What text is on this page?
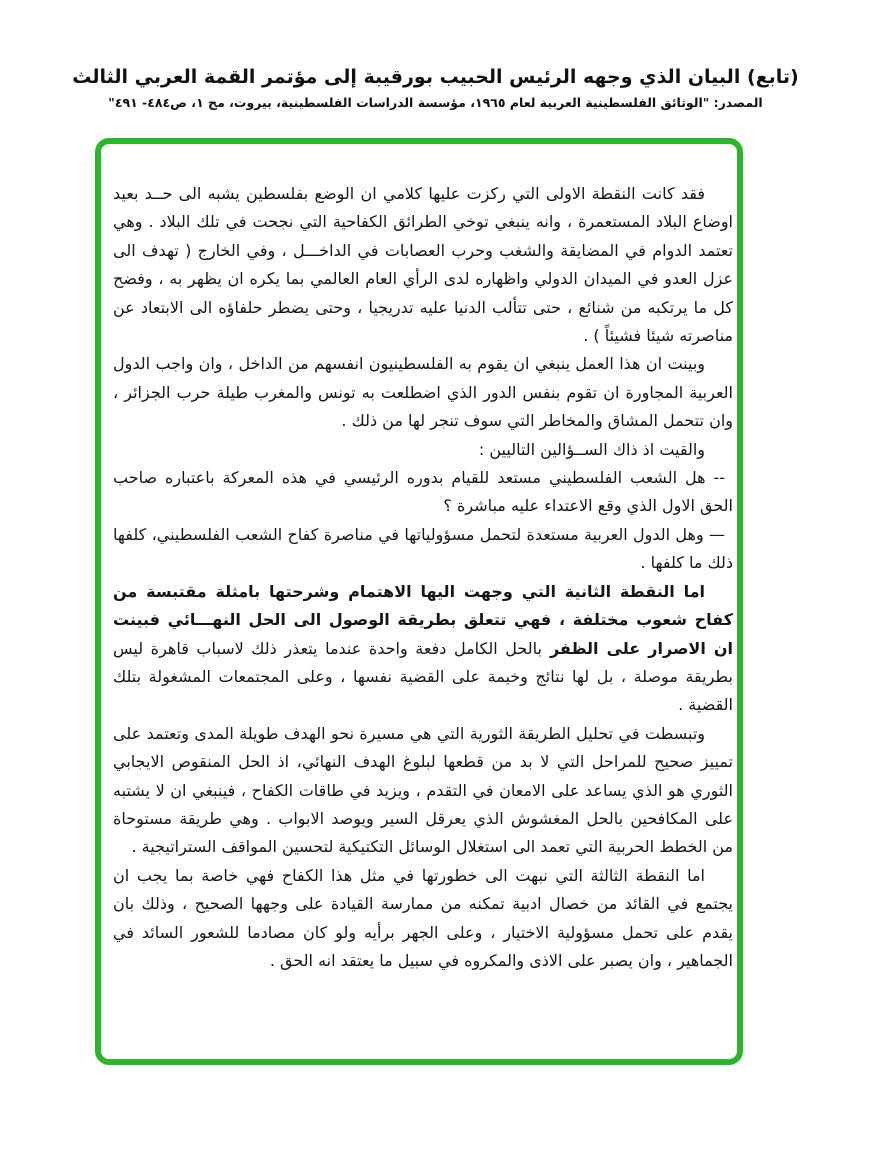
(تابع) البيان الذي وجهه الرئيس الحبيب بورقيبة إلى مؤتمر القمة العربي الثالث
المصدر: "الوثائق الفلسطينية العربية لعام ١٩٦٥، مؤسسة الدراسات الفلسطينية، بيروت، مج ١، ص٤٨٤- ٤٩١"

فقد كانت النقطة الاولى التي ركزت عليها كلامي ان الوضع بفلسطين يشبه الى حــد بعيد اوضاع البلاد المستعمرة ، وانه ينبغي توخي الطرائق الكفاحية التي نجحت في تلك البلاد . وهي تعتمد الدوام في المضايقة والشغب وحرب العصابات في الداخـــل ، وفي الخارج ( تهدف الى عزل العدو في الميدان الدولي واظهاره لدى الرأي العام العالمي بما يكره ان يظهر به ، وفضح كل ما يرتكبه من شنائع ، حتى تتألب الدنيا عليه تدريجيا ، وحتى يضطر حلفاؤه الى الابتعاد عن مناصرته شيئا فشيئاً ) .

وبينت ان هذا العمل ينبغي ان يقوم به الفلسطينيون انفسهم من الداخل ، وان واجب الدول العربية المجاورة ان تقوم بنفس الدور الذي اضطلعت به تونس والمغرب طيلة حرب الجزائر ، وان تتحمل المشاق والمخاطر التي سوف تنجر لها من ذلك .

والقيت اذ ذاك الســؤالين التاليين :

-- هل الشعب الفلسطيني مستعد للقيام بدوره الرئيسي في هذه المعركة باعتباره صاحب الحق الاول الذي وقع الاعتداء عليه مباشرة ؟

— وهل الدول العربية مستعدة لتحمل مسؤولياتها في مناصرة كفاح الشعب الفلسطيني، كلفها ذلك ما كلفها .

اما النقطة الثانية التي وجهت اليها الاهتمام وشرحتها بامثلة مقتبسة من كفاح شعوب مختلفة ، فهي تتعلق بطريقة الوصول الى الحل النهـــائي فبينت ان الاصرار على الظفر بالحل الكامل دفعة واحدة عندما يتعذر ذلك لاسباب قاهرة ليس بطريقة موصلة ، بل لها نتائج وخيمة على القضية نفسها ، وعلى المجتمعات المشغولة بتلك القضية .

وتبسطت في تحليل الطريقة الثورية التي هي مسيرة نحو الهدف طويلة المدى وتعتمد على تمييز صحيح للمراحل التي لا بد من قطعها لبلوغ الهدف النهائي، اذ الحل المنقوص الايجابي الثوري هو الذي يساعد على الامعان في التقدم ، ويزيد في طاقات الكفاح ، فينبغي ان لا يشتبه على المكافحين بالحل المغشوش الذي يعرقل السير ويوصد الابواب . وهي طريقة مستوحاة من الخطط الحربية التي تعمد الى استغلال الوسائل التكتيكية لتحسين المواقف الستراتيجية .

اما النقطة الثالثة التي نبهت الى خطورتها في مثل هذا الكفاح فهي خاصة بما يجب ان يجتمع في القائد من خصال ادبية تمكنه من ممارسة القيادة على وجهها الصحيح ، وذلك بان يقدم على تحمل مسؤولية الاختيار ، وعلى الجهر برأيه ولو كان مصادما للشعور السائد في الجماهير ، وان يصبر على الاذى والمكروه في سبيل ما يعتقد انه الحق .
